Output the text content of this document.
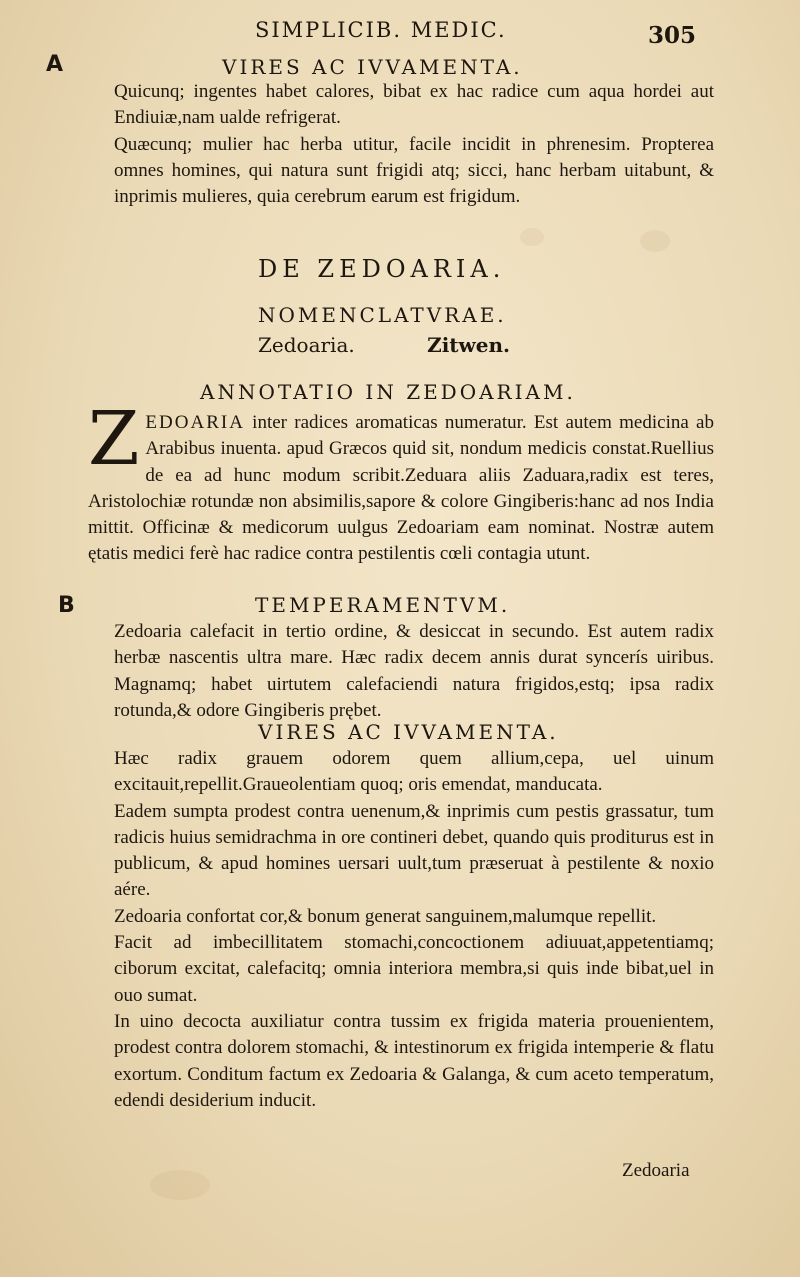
SIMPLICIB. MEDIC.	305
A
B
VIRES AC IVVAMENTA.

Quicunq; ingentes habet calores, bibat ex hac radice cum aqua hordei aut Endiuiæ,nam ualde refrigerat.

Quæcunq; mulier hac herba utitur, facile incidit in phrenesim. Propterea omnes homines, qui natura sunt frigidi atq; sicci, hanc herbam uitabunt, & inprimis mulieres, quia cerebrum earum est frigidum.

DE ZEDOARIA.
NOMENCLATVRAE.
Zedoaria.	Zitwen.
ANNOTATIO IN ZEDOARIAM.

ZEDOARIA inter radices aromaticas numeratur. Est autem medicina ab Arabibus inuenta. apud Græcos quid sit, nondum medicis constat.Ruellius de ea ad hunc modum scribit.Zeduara aliis Zaduara,radix est teres, Aristolochiæ rotundæ non absimilis,sapore & colore Gingiberis:hanc ad nos India mittit. Officinæ & medicorum uulgus Zedoariam eam nominat. Nostræ autem ętatis medici ferè hac radice contra pestilentis cœli contagia utunt.

TEMPERAMENTVM.

Zedoaria calefacit in tertio ordine, & desiccat in secundo. Est autem radix herbæ nascentis ultra mare. Hæc radix decem annis durat syncerís uiribus. Magnamq; habet uirtutem calefaciendi natura frigidos,estq; ipsa radix rotunda,& odore Gingiberis prębet.

VIRES AC IVVAMENTA.

Hæc radix grauem odorem quem allium,cepa, uel uinum excitauit,repellit.Graueolentiam quoq; oris emendat, manducata.

Eadem sumpta prodest contra uenenum,& inprimis cum pestis grassatur, tum radicis huius semidrachma in ore contineri debet, quando quis proditurus est in publicum, & apud homines uersari uult,tum præseruat à pestilente & noxio aére.

Zedoaria confortat cor,& bonum generat sanguinem,malumque repellit.

Facit ad imbecillitatem stomachi,concoctionem adiuuat,appetentiamq; ciborum excitat, calefacitq; omnia interiora membra,si quis inde bibat,uel in ouo sumat.

In uino decocta auxiliatur contra tussim ex frigida materia prouenientem, prodest contra dolorem stomachi, & intestinorum ex frigida intemperie & flatu exortum. Conditum factum ex Zedoaria & Galanga, & cum aceto temperatum, edendi desiderium inducit.

Zedoaria
